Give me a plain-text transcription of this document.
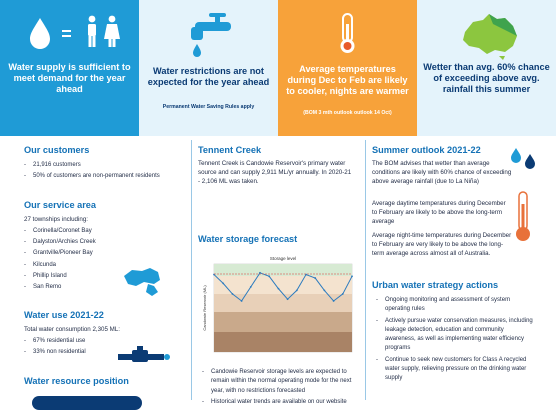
Water supply is sufficient to meet demand for the year ahead
Water restrictions are not expected for the year ahead
Permanent Water Saving Rules apply
Average temperatures during Dec to Feb are likely to cooler, nights are warmer
(BOM 3 mth outlook outlook 14 Oct)
Wetter than avg. 60% chance of exceeding above avg. rainfall this summer
Our customers
- 21,916 customers
- 50% of customers are non-permanent residents
Our service area
27 townships including:
- Corinella/Coronet Bay
- Dalyston/Archies Creek
- Grantville/Pioneer Bay
- Kilcunda
- Phillip Island
- San Remo
Water use 2021-22
Total water consumption 2,305 ML:
- 67% residential use
- 33% non residential
Water resource position
Tennent Creek
Tennent Creek is Candowie Reservoir's primary water source and can supply 2,911 ML/yr annually. In 2020-21 - 2,106 ML was taken.
Water storage forecast
Storage level
Candowie Reservoir (ML)
- Candowie Reservoir storage levels are expected to remain within the normal operating mode for the next year, with no restrictions forecasted
- Historical water trends are available on our website
Summer outlook 2021-22
The BOM advises that wetter than average conditions are likely with 60% chance of exceeding above average rainfall (due to La Niña)
Average daytime temperatures during December to February are likely to be above the long-term average
Average night-time temperatures during December to February are very likely to be above the long-term average across almost all of Australia.
Urban water strategy actions
- Ongoing monitoring and assessment of system operating rules
- Actively pursue water conservation measures, including leakage detection, education and community awareness, as well as implementing water efficiency programs
- Continue to seek new customers for Class A recycled water supply, relieving pressure on the drinking water supply
